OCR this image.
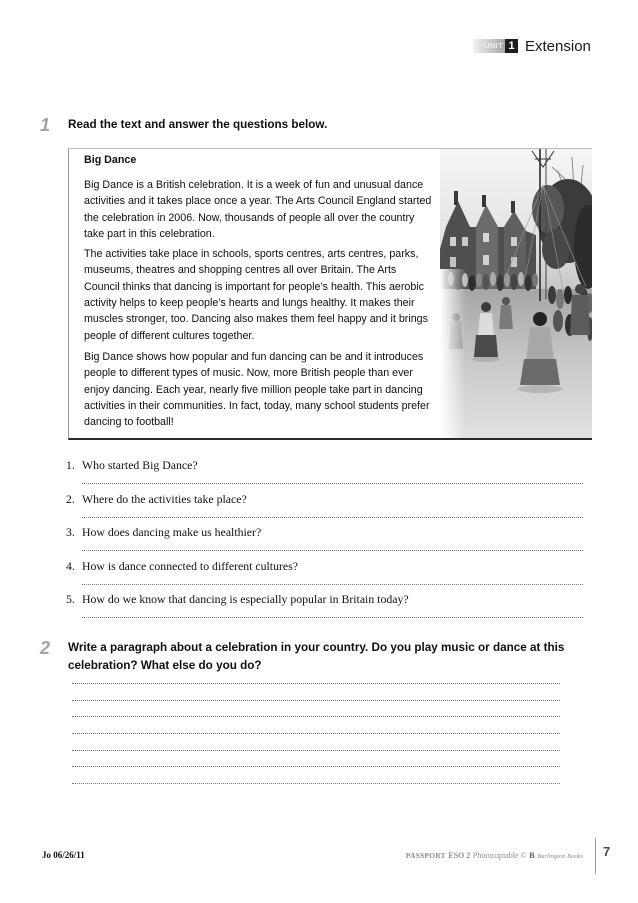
UNIT 1 Extension
1 Read the text and answer the questions below.
Big Dance
Big Dance is a British celebration. It is a week of fun and unusual dance
activities and it takes place once a year. The Arts Council England started
the celebration in 2006. Now, thousands of people all over the country
take part in this celebration.
The activities take place in schools, sports centres, arts centres, parks,
museums, theatres and shopping centres all over Britain. The Arts
Council thinks that dancing is important for people’s health. This aerobic
activity helps to keep people’s hearts and lungs healthy. It makes their
muscles stronger, too. Dancing also makes them feel happy and it brings
people of different cultures together.
Big Dance shows how popular and fun dancing can be and it introduces
people to different types of music. Now, more British people than ever
enjoy dancing. Each year, nearly five million people take part in dancing
activities in their communities. In fact, today, many school students prefer
dancing to football!
1. Who started Big Dance?
2. Where do the activities take place?
3. How does dancing make us healthier?
4. How is dance connected to different cultures?
5. How do we know that dancing is especially popular in Britain today?
2 Write a paragraph about a celebration in your country. Do you play music or dance at this celebration? What else do you do?
Jo 06/26/11	PASSPORT ESO 2 Photocopiable © B Burlington Books 7
